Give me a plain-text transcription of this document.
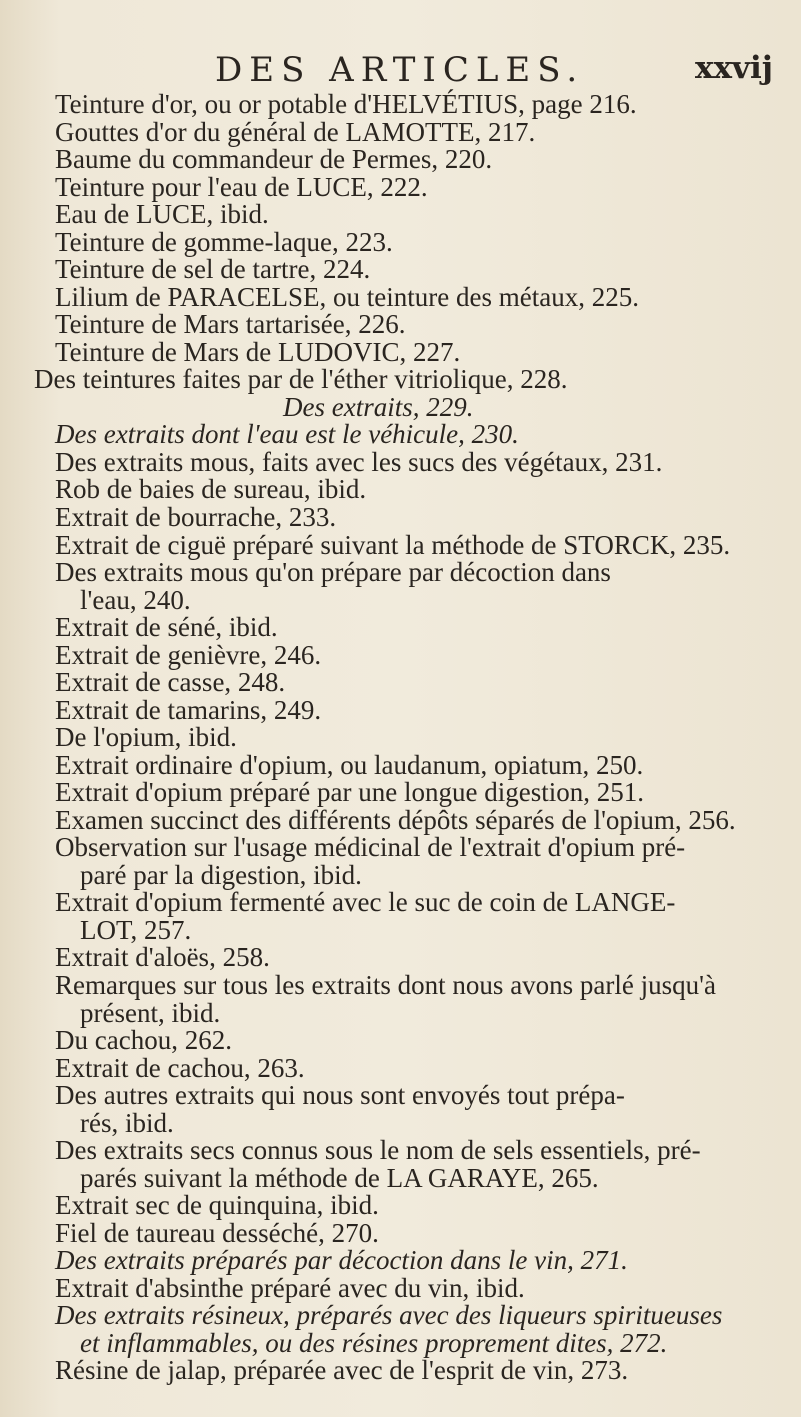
DES ARTICLES.	xxvij
Teinture d'or, ou or potable d'HELVÉTIUS, page 216.
Gouttes d'or du général de LAMOTTE, 217.
Baume du commandeur de Permes, 220.
Teinture pour l'eau de LUCE, 222.
Eau de LUCE, ibid.
Teinture de gomme-laque, 223.
Teinture de sel de tartre, 224.
Lilium de PARACELSE, ou teinture des métaux, 225.
Teinture de Mars tartarisée, 226.
Teinture de Mars de LUDOVIC, 227.
Des teintures faites par de l'éther vitriolique, 228.
Des extraits, 229.
Des extraits dont l'eau est le véhicule, 230.
Des extraits mous, faits avec les sucs des végétaux, 231.
Rob de baies de sureau, ibid.
Extrait de bourrache, 233.
Extrait de ciguë préparé suivant la méthode de STORCK, 235.
Des extraits mous qu'on prépare par décoction dans
l'eau, 240.
Extrait de séné, ibid.
Extrait de genièvre, 246.
Extrait de casse, 248.
Extrait de tamarins, 249.
De l'opium, ibid.
Extrait ordinaire d'opium, ou laudanum, opiatum, 250.
Extrait d'opium préparé par une longue digestion, 251.
Examen succinct des différents dépôts séparés de l'opium, 256.
Observation sur l'usage médicinal de l'extrait d'opium pré-
paré par la digestion, ibid.
Extrait d'opium fermenté avec le suc de coin de LANGE-
LOT, 257.
Extrait d'aloës, 258.
Remarques sur tous les extraits dont nous avons parlé jusqu'à
présent, ibid.
Du cachou, 262.
Extrait de cachou, 263.
Des autres extraits qui nous sont envoyés tout prépa-
rés, ibid.
Des extraits secs connus sous le nom de sels essentiels, pré-
parés suivant la méthode de LA GARAYE, 265.
Extrait sec de quinquina, ibid.
Fiel de taureau desséché, 270.
Des extraits préparés par décoction dans le vin, 271.
Extrait d'absinthe préparé avec du vin, ibid.
Des extraits résineux, préparés avec des liqueurs spiritueuses
et inflammables, ou des résines proprement dites, 272.
Résine de jalap, préparée avec de l'esprit de vin, 273.
